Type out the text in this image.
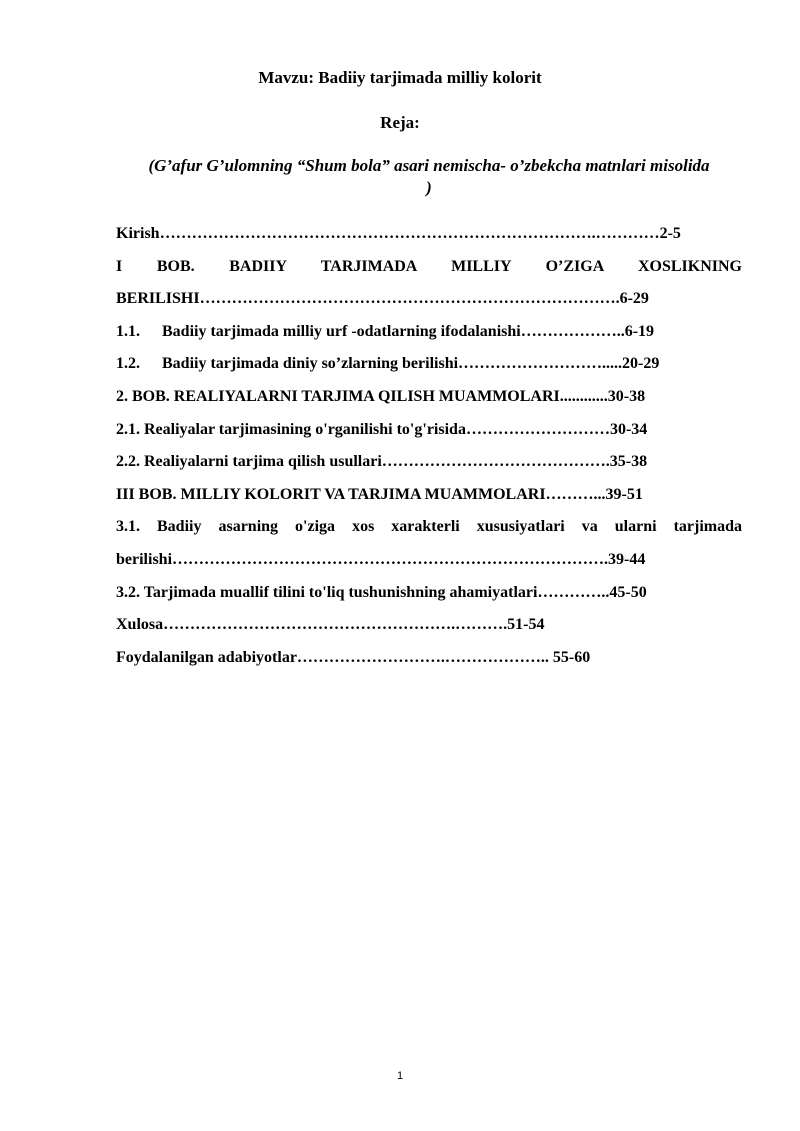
Mavzu: Badiiy tarjimada milliy kolorit
Reja:
(G’afur G’ulomning “Shum bola” asari nemischa- o’zbekcha matnlari misolida
)
Kirish……………………………………………………………………….…………2-5
I BOB. BADIIY TARJIMADA MILLIY O’ZIGA XOSLIKNING
BERILISHI…………………………………………………………………….6-29
1.1. Badiiy tarjimada milliy urf -odatlarning ifodalanishi………………..6-19
1.2. Badiiy tarjimada diniy so’zlarning berilishi……………………….....20-29
2. BOB. REALIYALARNI TARJIMA QILISH MUAMMOLARI............30-38
2.1. Realiyalar tarjimasining o'rganilishi to'g'risida………………………30-34
2.2. Realiyalarni tarjima qilish usullari…………………………………….35-38
III BOB. MILLIY KOLORIT VA TARJIMA MUAMMOLARI………...39-51
3.1. Badiiy asarning o'ziga xos xarakterli xususiyatlari va ularni tarjimada
berilishi……………………………………………………………………….39-44
3.2. Tarjimada muallif tilini to'liq tushunishning ahamiyatlari…………..45-50
Xulosa……………………………………………….……….51-54
Foydalanilgan adabiyotlar……………………….……………….. 55-60
1
